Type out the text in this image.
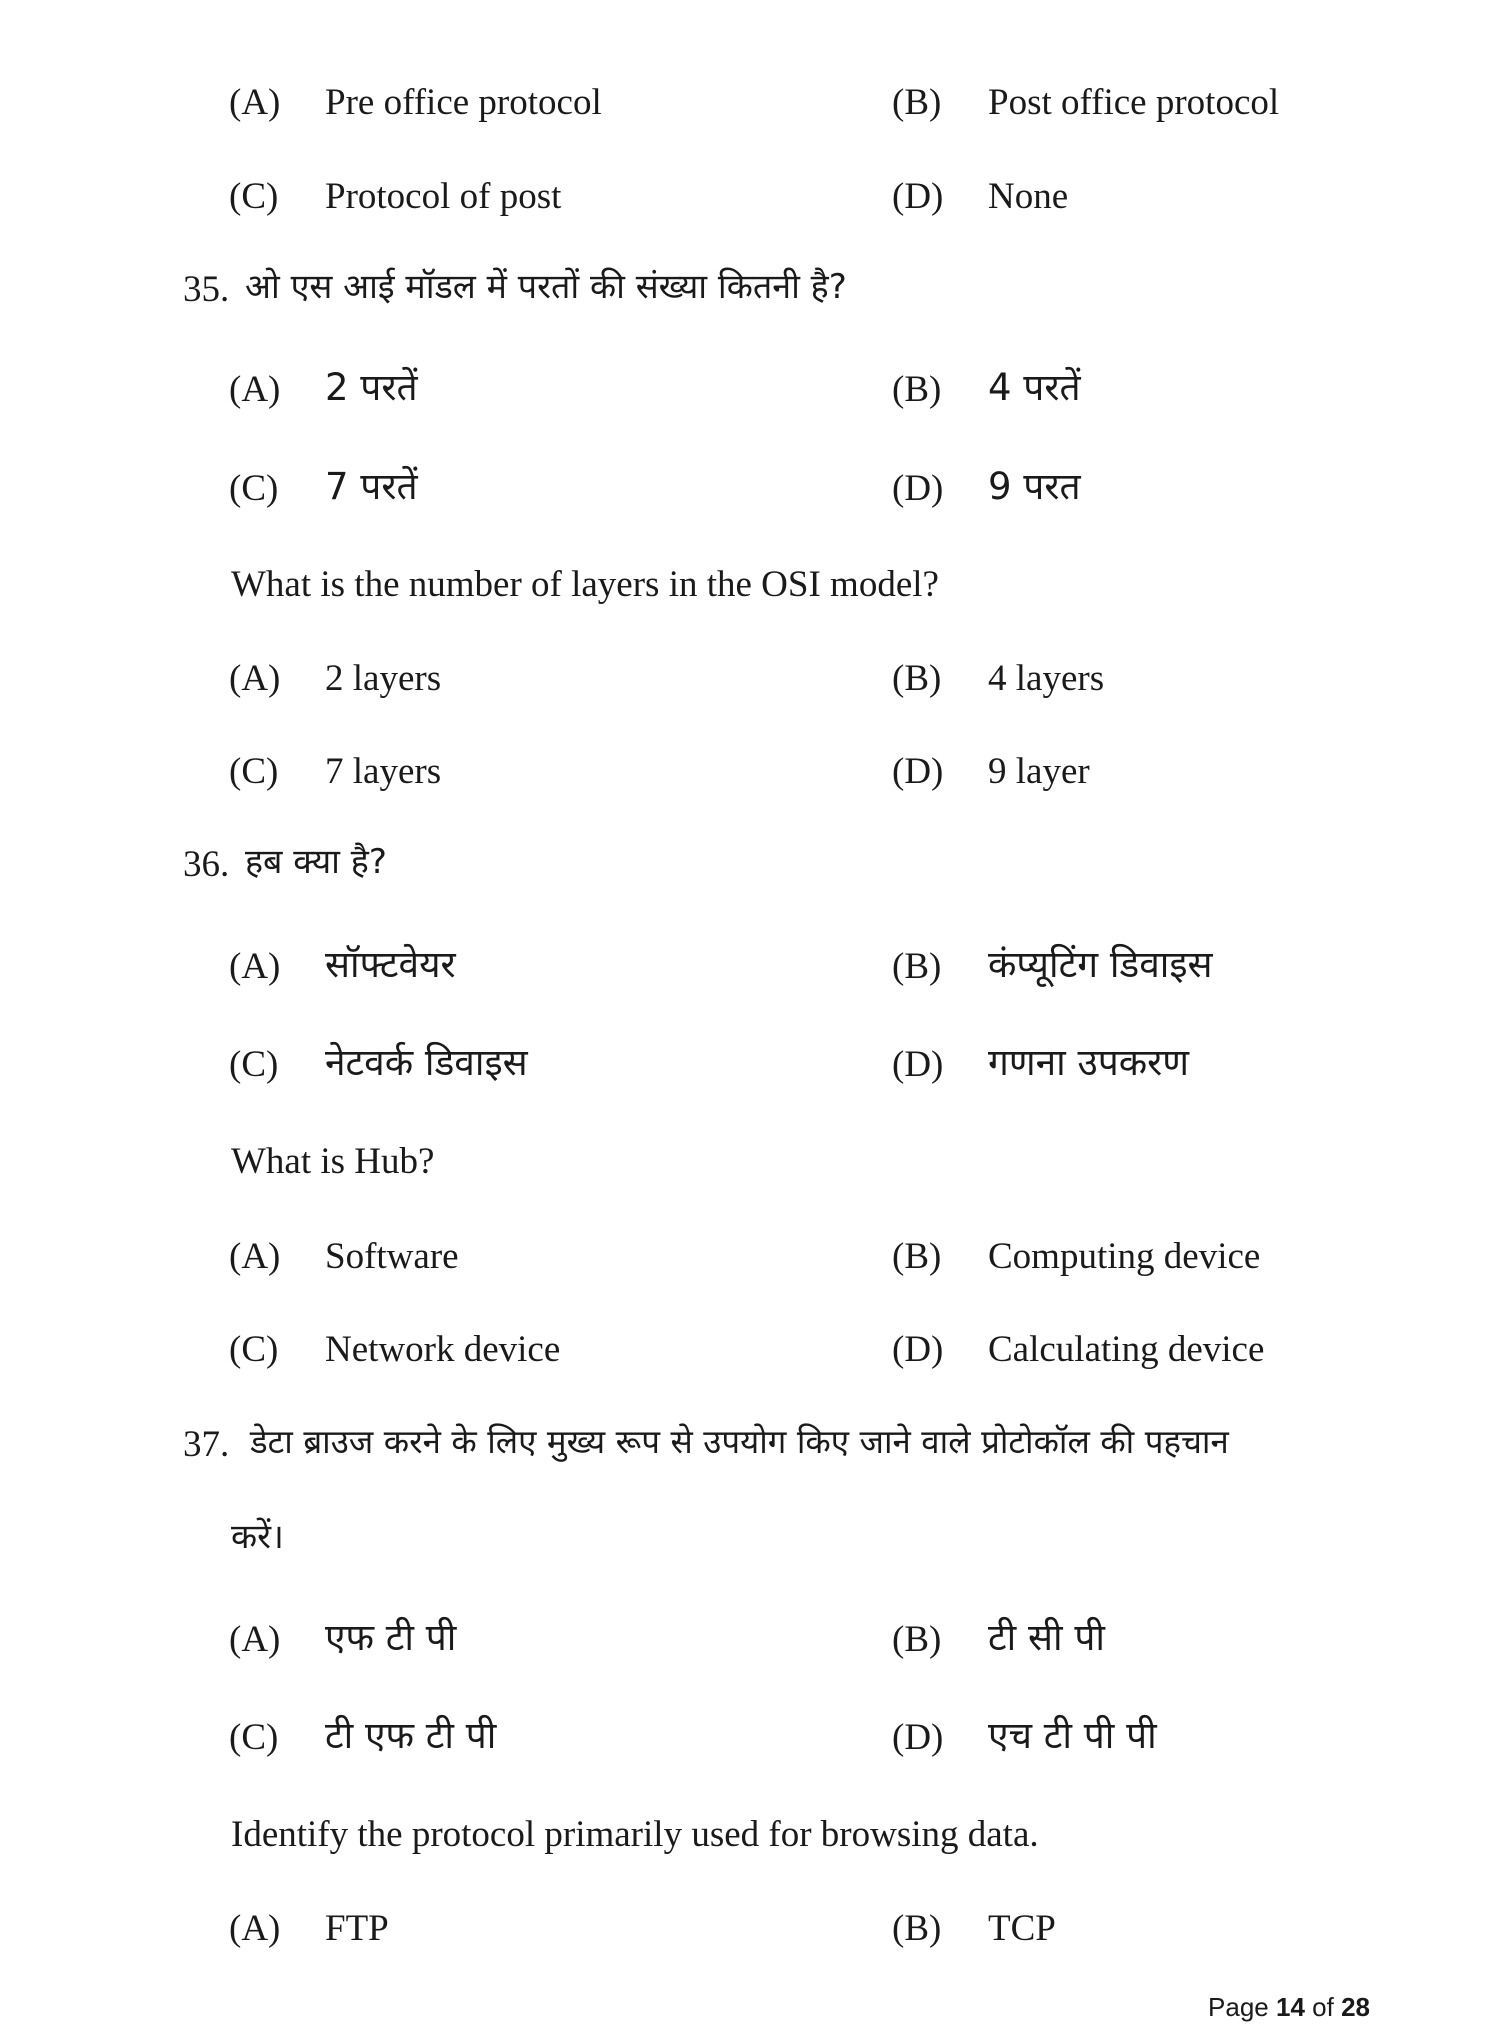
(A) Pre office protocol	(B) Post office protocol
(C) Protocol of post	(D) None
35. ओ एस आई मॉडल में परतों की संख्या कितनी है?
(A) 2 परतें	(B) 4 परतें
(C) 7 परतें	(D) 9 परत
What is the number of layers in the OSI model?
(A) 2 layers	(B) 4 layers
(C) 7 layers	(D) 9 layer
36. हब क्या है?
(A) सॉफ्टवेयर	(B) कंप्यूटिंग डिवाइस
(C) नेटवर्क डिवाइस	(D) गणना उपकरण
What is Hub?
(A) Software	(B) Computing device
(C) Network device	(D) Calculating device
37. डेटा ब्राउज करने के लिए मुख्य रूप से उपयोग किए जाने वाले प्रोटोकॉल की पहचान
करें।
(A) एफ टी पी	(B) टी सी पी
(C) टी एफ टी पी	(D) एच टी पी पी
Identify the protocol primarily used for browsing data.
(A) FTP	(B) TCP
Page 14 of 28
